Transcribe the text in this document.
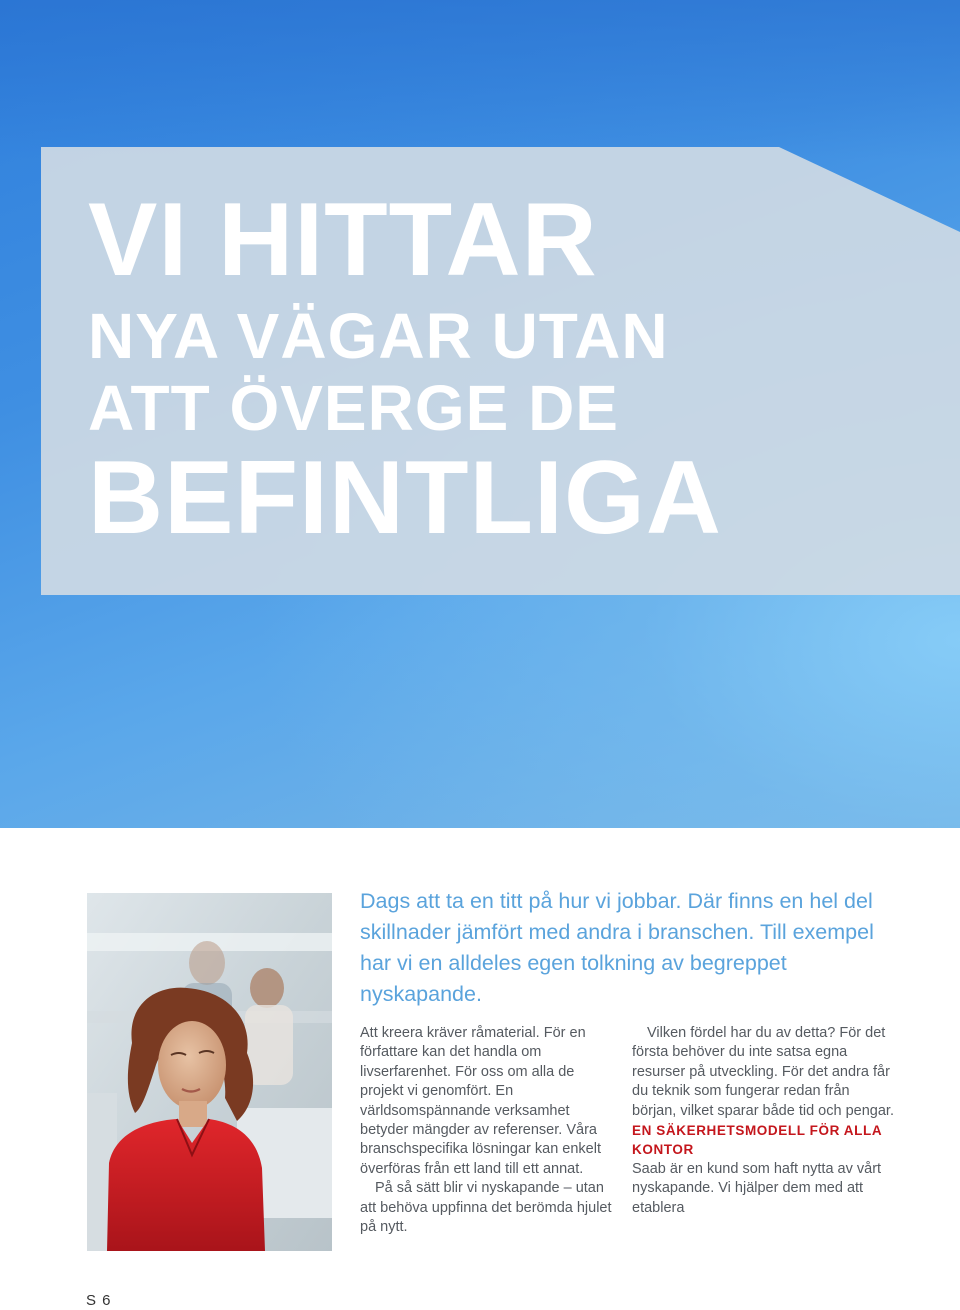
VI HITTAR
NYA VÄGAR UTAN
ATT ÖVERGE DE
BEFINTLIGA
Dags att ta en titt på hur vi jobbar. Där finns en hel del skillnader jämfört med andra i branschen. Till exempel har vi en alldeles egen tolkning av begreppet nyskapande.

Att kreera kräver råmaterial. För en författare kan det handla om livserfarenhet. För oss om alla de projekt vi genomfört. En världsomspännande verksamhet betyder mängder av referenser. Våra branschspecifika lösningar kan enkelt överföras från ett land till ett annat.

På så sätt blir vi nyskapande – utan att behöva uppfinna det berömda hjulet på nytt.

Vilken fördel har du av detta? För det första behöver du inte satsa egna resurser på utveckling. För det andra får du teknik som fungerar redan från början, vilket sparar både tid och pengar.

EN SÄKERHETSMODELL FÖR ALLA KONTOR

Saab är en kund som haft nytta av vårt nyskapande. Vi hjälper dem med att etablera

S 6
